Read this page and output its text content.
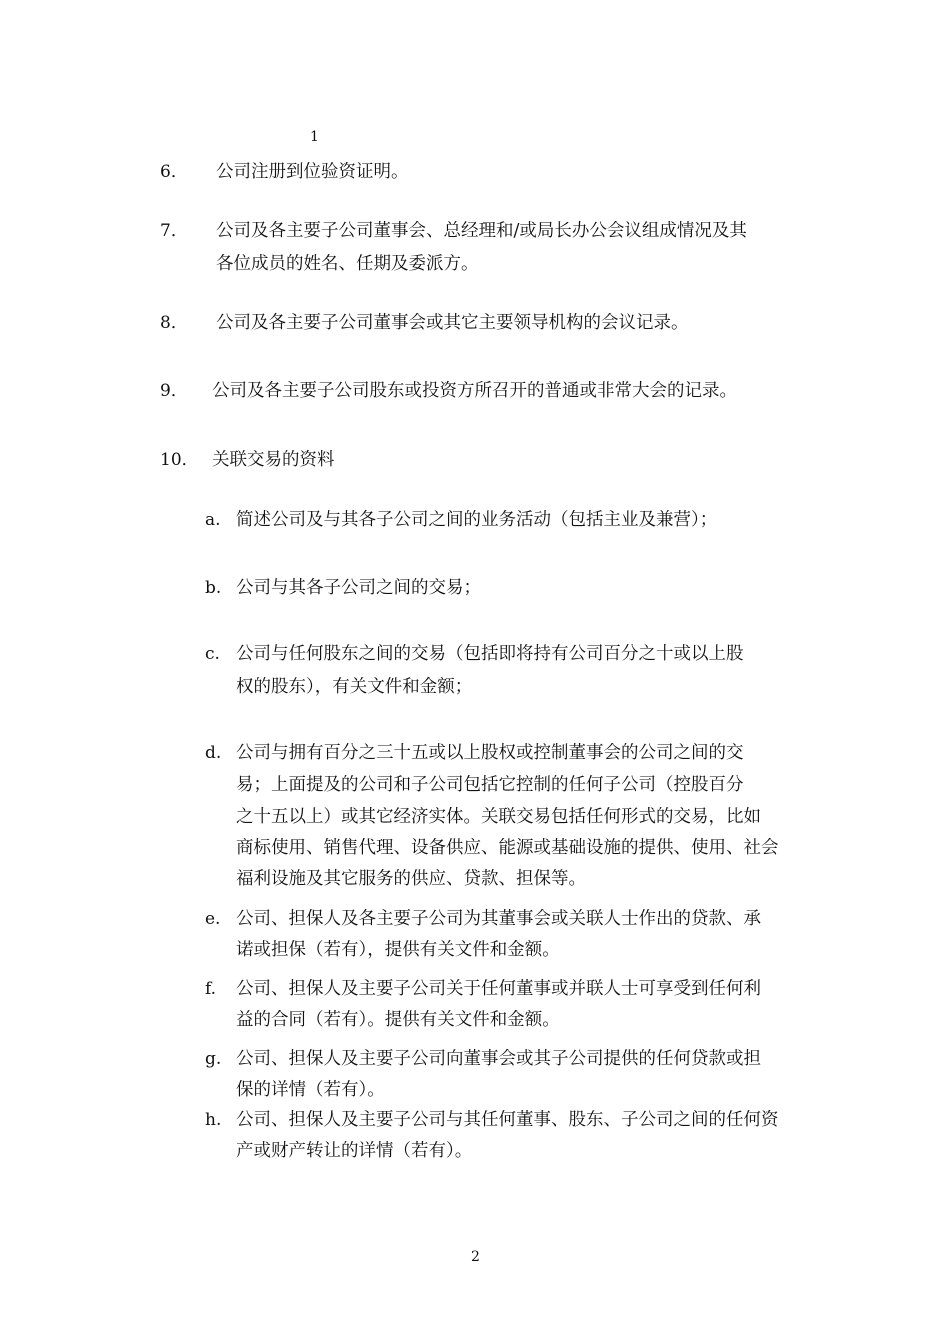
1
6． 公司注册到位验资证明。
7． 公司及各主要子公司董事会、总经理和/或局长办公会议组成情况及其
各位成员的姓名、任期及委派方。
8． 公司及各主要子公司董事会或其它主要领导机构的会议记录。
9． 公司及各主要子公司股东或投资方所召开的普通或非常大会的记录。
10． 关联交易的资料
a. 简述公司及与其各子公司之间的业务活动（包括主业及兼营）；
b. 公司与其各子公司之间的交易；
c. 公司与任何股东之间的交易（包括即将持有公司百分之十或以上股
权的股东），有关文件和金额；
d. 公司与拥有百分之三十五或以上股权或控制董事会的公司之间的交
易；上面提及的公司和子公司包括它控制的任何子公司（控股百分
之十五以上）或其它经济实体。关联交易包括任何形式的交易，比如
商标使用、销售代理、设备供应、能源或基础设施的提供、使用、社会
福利设施及其它服务的供应、贷款、担保等。
e. 公司、担保人及各主要子公司为其董事会或关联人士作出的贷款、承
诺或担保（若有），提供有关文件和金额。
f. 公司、担保人及主要子公司关于任何董事或并联人士可享受到任何利
益的合同（若有）。提供有关文件和金额。
g. 公司、担保人及主要子公司向董事会或其子公司提供的任何贷款或担
保的详情（若有）。
h. 公司、担保人及主要子公司与其任何董事、股东、子公司之间的任何资
产或财产转让的详情（若有）。
2
